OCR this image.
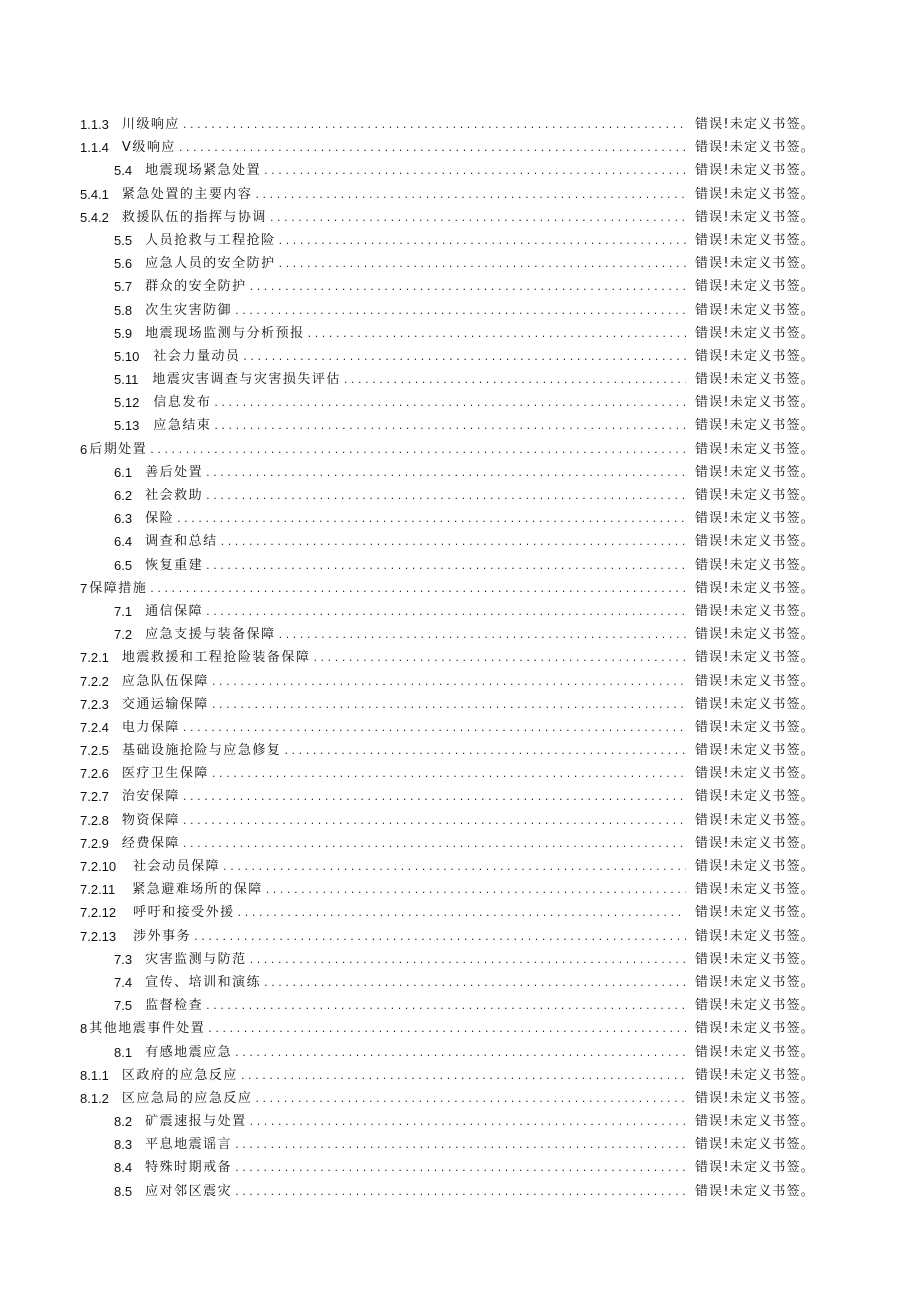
1.1.3 川级响应 .....	错误!未定义书签。
1.1.4 V级响应 .....	错误!未定义书签。
5.4 地震现场紧急处置 .....	错误!未定义书签。
5.4.1 紧急处置的主要内容 .....	错误!未定义书签。
5.4.2 救援队伍的指挥与协调 .....	错误!未定义书签。
5.5 人员抢救与工程抢险 .....	错误!未定义书签。
5.6 应急人员的安全防护 .....	错误!未定义书签。
5.7 群众的安全防护 .....	错误!未定义书签。
5.8 次生灾害防御 .....	错误!未定义书签。
5.9 地震现场监测与分析预报 .....	错误!未定义书签。
5.10 社会力量动员 .....	错误!未定义书签。
5.11 地震灾害调查与灾害损失评估 .....	错误!未定义书签。
5.12 信息发布 .....	错误!未定义书签。
5.13 应急结束 .....	错误!未定义书签。
6 后期处置 .....	错误!未定义书签。
6.1 善后处置 .....	错误!未定义书签。
6.2 社会救助 .....	错误!未定义书签。
6.3 保险 .....	错误!未定义书签。
6.4 调查和总结 .....	错误!未定义书签。
6.5 恢复重建 .....	错误!未定义书签。
7 保障措施 .....	错误!未定义书签。
7.1 通信保障 .....	错误!未定义书签。
7.2 应急支援与装备保障 .....	错误!未定义书签。
7.2.1 地震救援和工程抢险装备保障 .....	错误!未定义书签。
7.2.2 应急队伍保障 .....	错误!未定义书签。
7.2.3 交通运输保障 .....	错误!未定义书签。
7.2.4 电力保障 .....	错误!未定义书签。
7.2.5 基础设施抢险与应急修复 .....	错误!未定义书签。
7.2.6 医疗卫生保障 .....	错误!未定义书签。
7.2.7 治安保障 .....	错误!未定义书签。
7.2.8 物资保障 .....	错误!未定义书签。
7.2.9 经费保障 .....	错误!未定义书签。
7.2.10 社会动员保障 .....	错误!未定义书签。
7.2.11 紧急避难场所的保障 .....	错误!未定义书签。
7.2.12 呼吁和接受外援 .....	错误!未定义书签。
7.2.13 涉外事务 .....	错误!未定义书签。
7.3 灾害监测与防范 .....	错误!未定义书签。
7.4 宣传、培训和演练 .....	错误!未定义书签。
7.5 监督检查 .....	错误!未定义书签。
8 其他地震事件处置 .....	错误!未定义书签。
8.1 有感地震应急 .....	错误!未定义书签。
8.1.1 区政府的应急反应 .....	错误!未定义书签。
8.1.2 区应急局的应急反应 .....	错误!未定义书签。
8.2 矿震速报与处置 .....	错误!未定义书签。
8.3 平息地震谣言 .....	错误!未定义书签。
8.4 特殊时期戒备 .....	错误!未定义书签。
8.5 应对邻区震灾 .....	错误!未定义书签。
